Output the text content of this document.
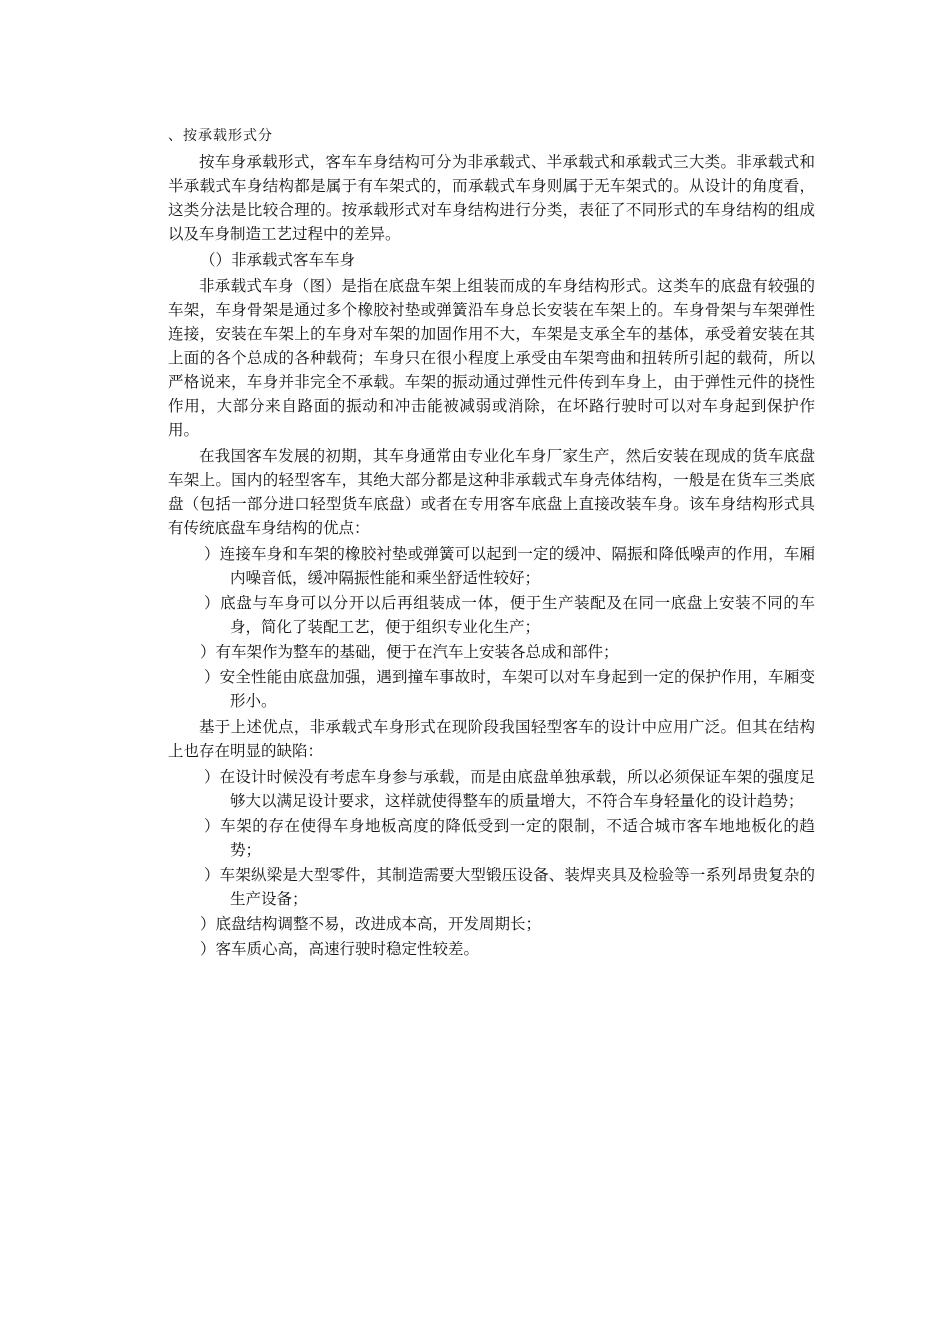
、按承载形式分

按车身承载形式，客车车身结构可分为非承载式、半承载式和承载式三大类。非承载式和半承载式车身结构都是属于有车架式的，而承载式车身则属于无车架式的。从设计的角度看，这类分法是比较合理的。按承载形式对车身结构进行分类，表征了不同形式的车身结构的组成以及车身制造工艺过程中的差异。

（）非承载式客车车身

非承载式车身（图）是指在底盘车架上组装而成的车身结构形式。这类车的底盘有较强的车架，车身骨架是通过多个橡胶衬垫或弹簧沿车身总长安装在车架上的。车身骨架与车架弹性连接，安装在车架上的车身对车架的加固作用不大，车架是支承全车的基体，承受着安装在其上面的各个总成的各种载荷；车身只在很小程度上承受由车架弯曲和扭转所引起的载荷，所以严格说来，车身并非完全不承载。车架的振动通过弹性元件传到车身上，由于弹性元件的挠性作用，大部分来自路面的振动和冲击能被减弱或消除，在坏路行驶时可以对车身起到保护作用。

在我国客车发展的初期，其车身通常由专业化车身厂家生产，然后安装在现成的货车底盘车架上。国内的轻型客车，其绝大部分都是这种非承载式车身壳体结构，一般是在货车三类底盘（包括一部分进口轻型货车底盘）或者在专用客车底盘上直接改装车身。该车身结构形式具有传统底盘车身结构的优点：

）连接车身和车架的橡胶衬垫或弹簧可以起到一定的缓冲、隔振和降低噪声的作用，车厢内噪音低，缓冲隔振性能和乘坐舒适性较好；
）底盘与车身可以分开以后再组装成一体，便于生产装配及在同一底盘上安装不同的车身，简化了装配工艺，便于组织专业化生产；
）有车架作为整车的基础，便于在汽车上安装各总成和部件；
）安全性能由底盘加强，遇到撞车事故时，车架可以对车身起到一定的保护作用，车厢变形小。

基于上述优点，非承载式车身形式在现阶段我国轻型客车的设计中应用广泛。但其在结构上也存在明显的缺陷：

）在设计时候没有考虑车身参与承载，而是由底盘单独承载，所以必须保证车架的强度足够大以满足设计要求，这样就使得整车的质量增大，不符合车身轻量化的设计趋势；
）车架的存在使得车身地板高度的降低受到一定的限制，不适合城市客车地地板化的趋势；
）车架纵梁是大型零件，其制造需要大型锻压设备、装焊夹具及检验等一系列昂贵复杂的生产设备；
）底盘结构调整不易，改进成本高，开发周期长；
）客车质心高，高速行驶时稳定性较差。
